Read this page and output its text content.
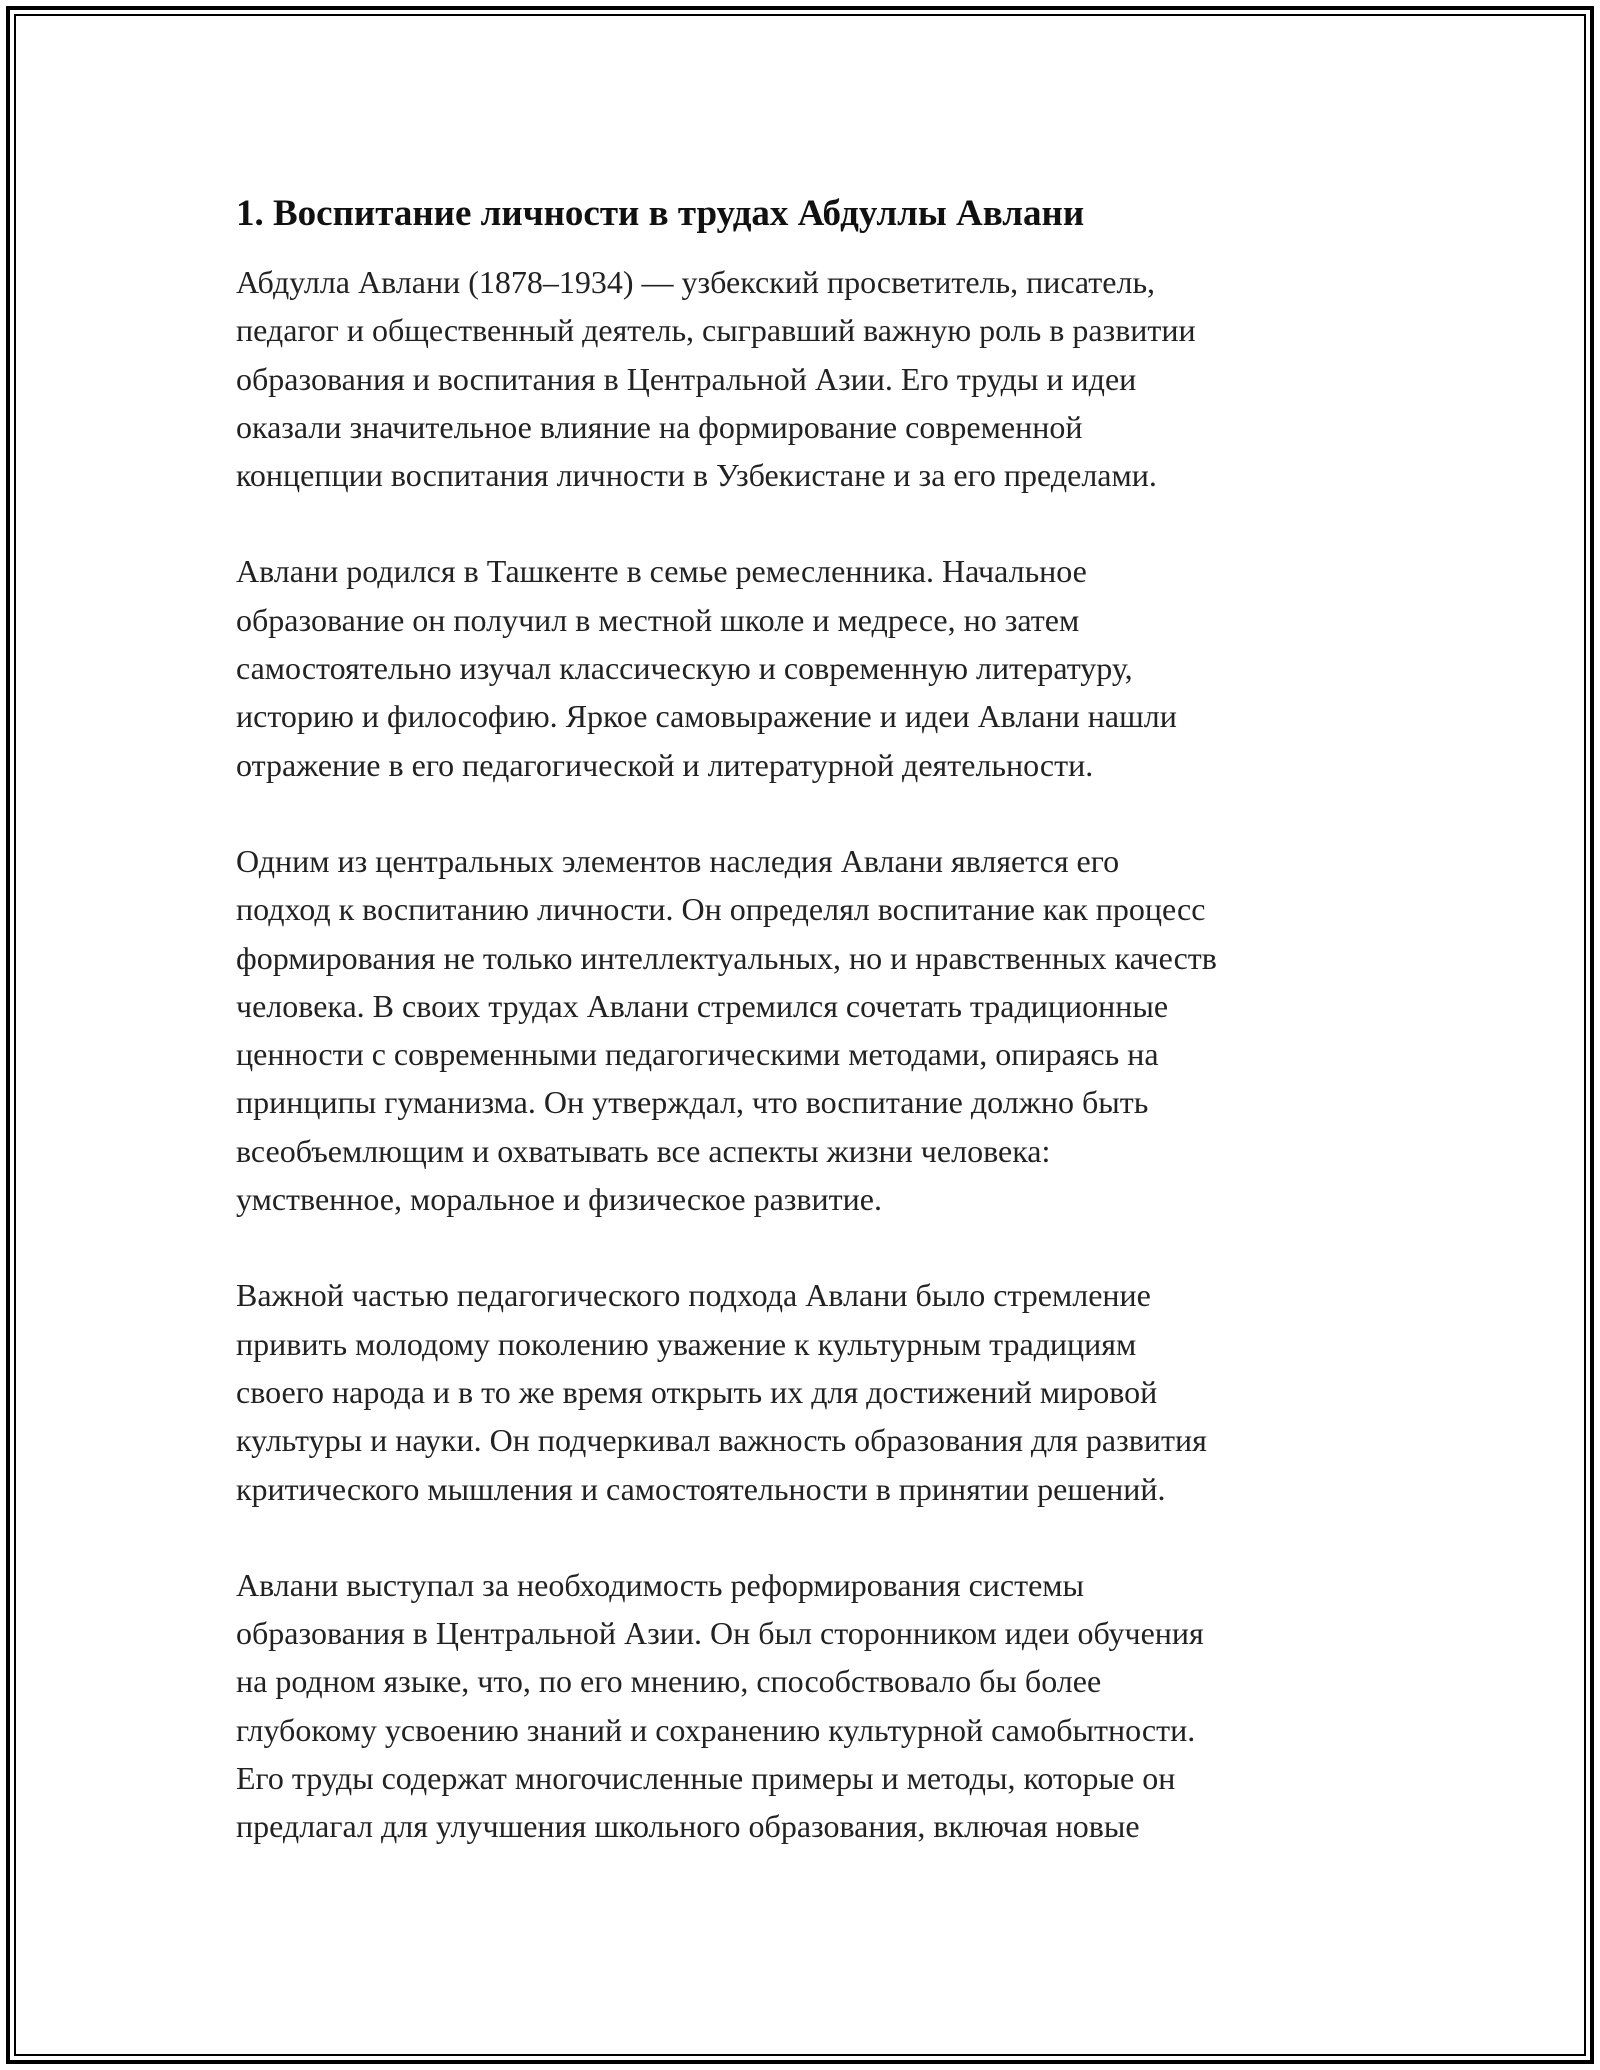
1. Воспитание личности в трудах Абдуллы Авлани

Абдулла Авлани (1878–1934) — узбекский просветитель, писатель,
педагог и общественный деятель, сыгравший важную роль в развитии
образования и воспитания в Центральной Азии. Его труды и идеи
оказали значительное влияние на формирование современной
концепции воспитания личности в Узбекистане и за его пределами.

Авлани родился в Ташкенте в семье ремесленника. Начальное
образование он получил в местной школе и медресе, но затем
самостоятельно изучал классическую и современную литературу,
историю и философию. Яркое самовыражение и идеи Авлани нашли
отражение в его педагогической и литературной деятельности.

Одним из центральных элементов наследия Авлани является его
подход к воспитанию личности. Он определял воспитание как процесс
формирования не только интеллектуальных, но и нравственных качеств
человека. В своих трудах Авлани стремился сочетать традиционные
ценности с современными педагогическими методами, опираясь на
принципы гуманизма. Он утверждал, что воспитание должно быть
всеобъемлющим и охватывать все аспекты жизни человека:
умственное, моральное и физическое развитие.

Важной частью педагогического подхода Авлани было стремление
привить молодому поколению уважение к культурным традициям
своего народа и в то же время открыть их для достижений мировой
культуры и науки. Он подчеркивал важность образования для развития
критического мышления и самостоятельности в принятии решений.

Авлани выступал за необходимость реформирования системы
образования в Центральной Азии. Он был сторонником идеи обучения
на родном языке, что, по его мнению, способствовало бы более
глубокому усвоению знаний и сохранению культурной самобытности.
Его труды содержат многочисленные примеры и методы, которые он
предлагал для улучшения школьного образования, включая новые
